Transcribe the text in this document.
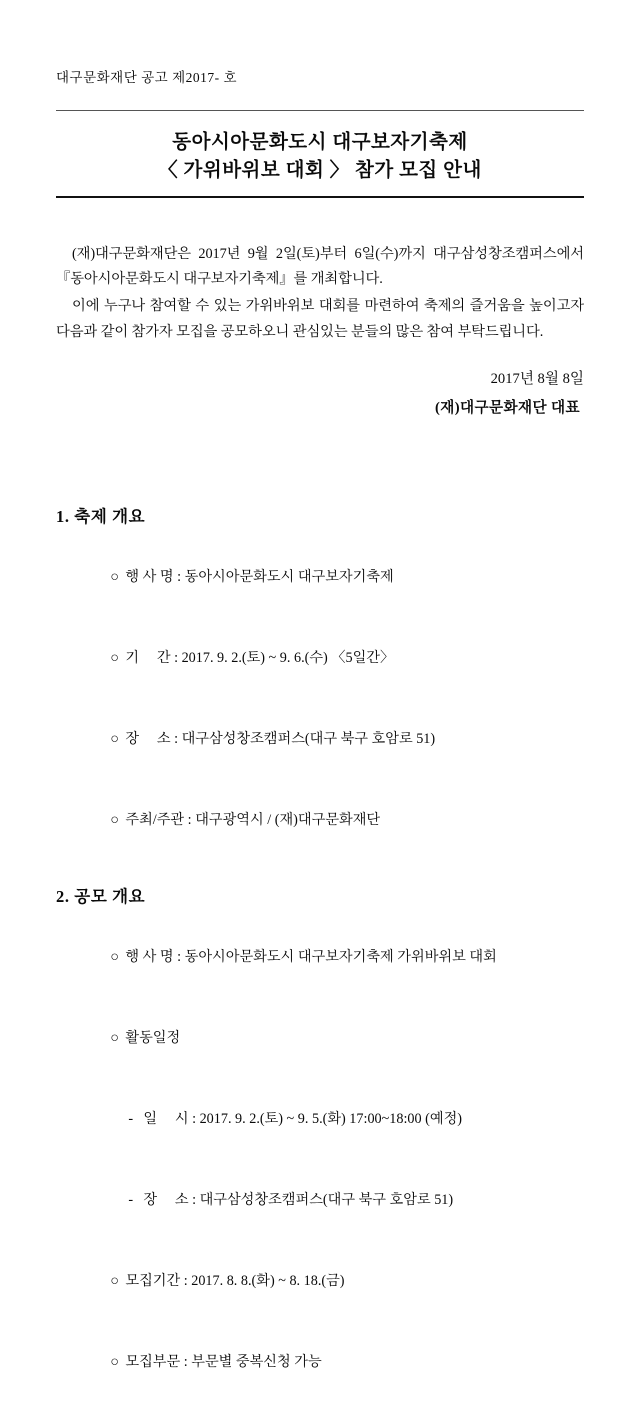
대구문화재단 공고 제2017- 호
동아시아문화도시 대구보자기축제
〈 가위바위보 대회 〉 참가 모집 안내

(재)대구문화재단은 2017년 9월 2일(토)부터 6일(수)까지 대구삼성창조캠퍼스에서 『동아시아문화도시 대구보자기축제』를 개최합니다.

이에 누구나 참여할 수 있는 가위바위보 대회를 마련하여 축제의 즐거움을 높이고자 다음과 같이 참가자 모집을 공모하오니 관심있는 분들의 많은 참여 부탁드립니다.

2017년 8월 8일
(재)대구문화재단 대표
1. 축제 개요

○ 행 사 명 : 동아시아문화도시 대구보자기축제

○ 기     간 : 2017. 9. 2.(토) ~ 9. 6.(수) 〈5일간〉

○ 장     소 : 대구삼성창조캠퍼스(대구 북구 호암로 51)

○ 주최/주관 : 대구광역시 / (재)대구문화재단

2. 공모 개요

○ 행 사 명 : 동아시아문화도시 대구보자기축제 가위바위보 대회

○ 활동일정

- 일     시 : 2017. 9. 2.(토) ~ 9. 5.(화) 17:00~18:00 (예정)

- 장     소 : 대구삼성창조캠퍼스(대구 북구 호암로 51)

○ 모집기간 : 2017. 8. 8.(화) ~ 8. 18.(금)

○ 모집부문 : 부문별 중복신청 가능
